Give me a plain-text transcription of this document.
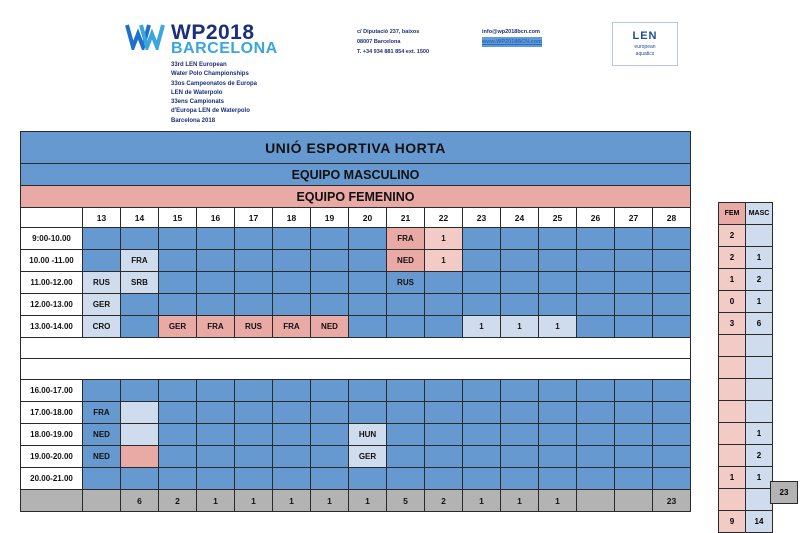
WP2018
BARCELONA
33rd LEN European
Water Polo Championships
33os Campeonatos de Europa
LEN de Waterpolo
33ens Campionats
d'Europa LEN de Waterpolo
Barcelona 2018
c/ Diputació 237, baixos
08007 Barcelona
T. +34 934 881 854 ext. 1500
info@wp2018bcn.com
www.WP2018BCN.com
LEN
european
aquatics
UNIÓ ESPORTIVA HORTA																
EQUIPO MASCULINO																
EQUIPO FEMENINO																
	13	14	15	16	17	18	19	20	21	22	23	24	25	26	27	28
9:00-10.00									FRA	1						
10.00 -11.00		FRA							NED	1						
11.00-12.00	RUS	SRB							RUS							
12.00-13.00	GER															
13.00-14.00	CRO		GER	FRA	RUS	FRA	NED				1	1	1			

16.00-17.00																
17.00-18.00	FRA															
18.00-19.00	NED							HUN								
19.00-20.00	NED							GER								
20.00-21.00																
		6	2	1	1	1	1	1	5	2	1	1	1			23
FEM	MASC
2	
2	1
1	2
0	1
3	6

	1
	2
1	1

9	14
23
